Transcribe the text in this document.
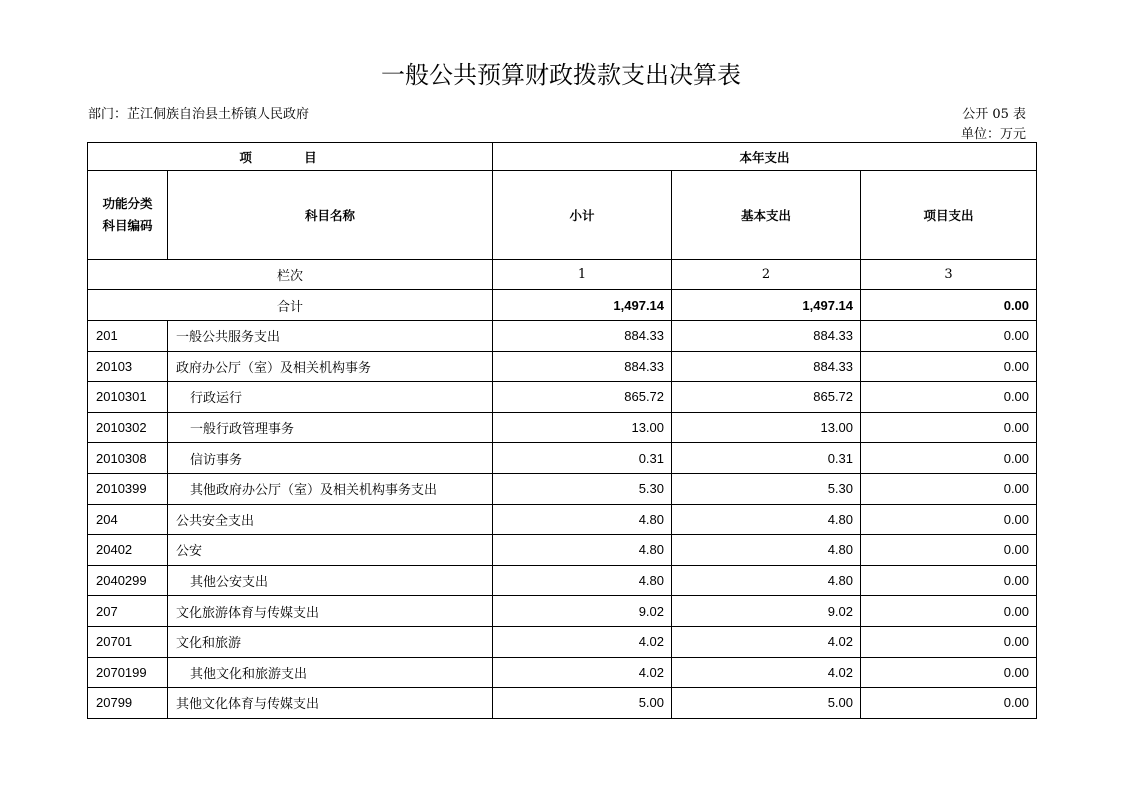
一般公共预算财政拨款支出决算表
部门：芷江侗族自治县土桥镇人民政府	公开 05 表
单位：万元
项 目		本年支出		
功能分类科目编码	科目名称	小计	基本支出	项目支出
栏次		1	2	3
合计		1,497.14	1,497.14	0.00
201	一般公共服务支出	884.33	884.33	0.00
20103	政府办公厅（室）及相关机构事务	884.33	884.33	0.00
2010301	行政运行	865.72	865.72	0.00
2010302	一般行政管理事务	13.00	13.00	0.00
2010308	信访事务	0.31	0.31	0.00
2010399	其他政府办公厅（室）及相关机构事务支出	5.30	5.30	0.00
204	公共安全支出	4.80	4.80	0.00
20402	公安	4.80	4.80	0.00
2040299	其他公安支出	4.80	4.80	0.00
207	文化旅游体育与传媒支出	9.02	9.02	0.00
20701	文化和旅游	4.02	4.02	0.00
2070199	其他文化和旅游支出	4.02	4.02	0.00
20799	其他文化体育与传媒支出	5.00	5.00	0.00
